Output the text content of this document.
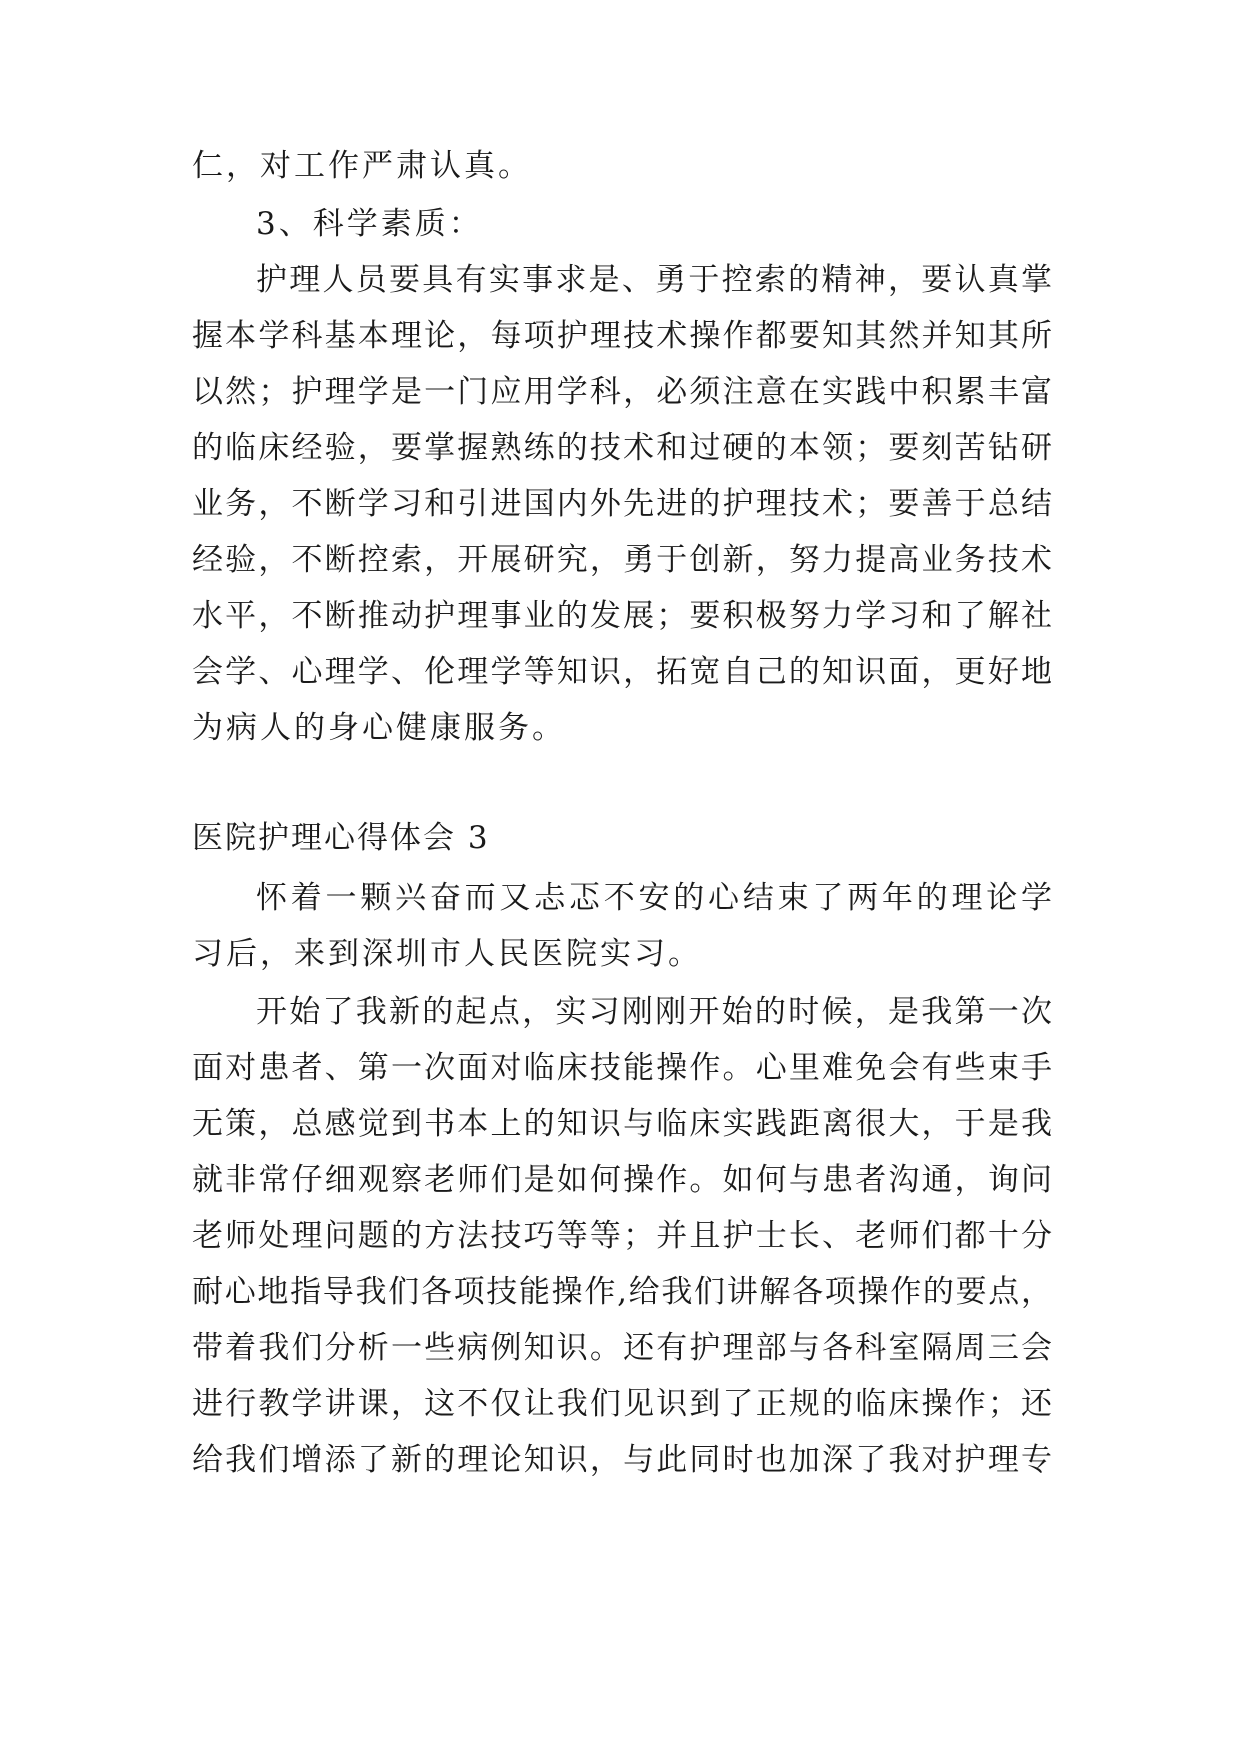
仁，对工作严肃认真。

3、科学素质：

护理人员要具有实事求是、勇于控索的精神，要认真掌

握本学科基本理论，每项护理技术操作都要知其然并知其所

以然；护理学是一门应用学科，必须注意在实践中积累丰富

的临床经验，要掌握熟练的技术和过硬的本领；要刻苦钻研

业务，不断学习和引进国内外先进的护理技术；要善于总结

经验，不断控索，开展研究，勇于创新，努力提高业务技术

水平，不断推动护理事业的发展；要积极努力学习和了解社

会学、心理学、伦理学等知识，拓宽自己的知识面，更好地

为病人的身心健康服务。

医院护理心得体会 3

怀着一颗兴奋而又忐忑不安的心结束了两年的理论学

习后，来到深圳市人民医院实习。

开始了我新的起点，实习刚刚开始的时候，是我第一次

面对患者、第一次面对临床技能操作。心里难免会有些束手

无策，总感觉到书本上的知识与临床实践距离很大，于是我

就非常仔细观察老师们是如何操作。如何与患者沟通，询问

老师处理问题的方法技巧等等；并且护士长、老师们都十分

耐心地指导我们各项技能操作,给我们讲解各项操作的要点，

带着我们分析一些病例知识。还有护理部与各科室隔周三会

进行教学讲课，这不仅让我们见识到了正规的临床操作；还

给我们增添了新的理论知识，与此同时也加深了我对护理专
